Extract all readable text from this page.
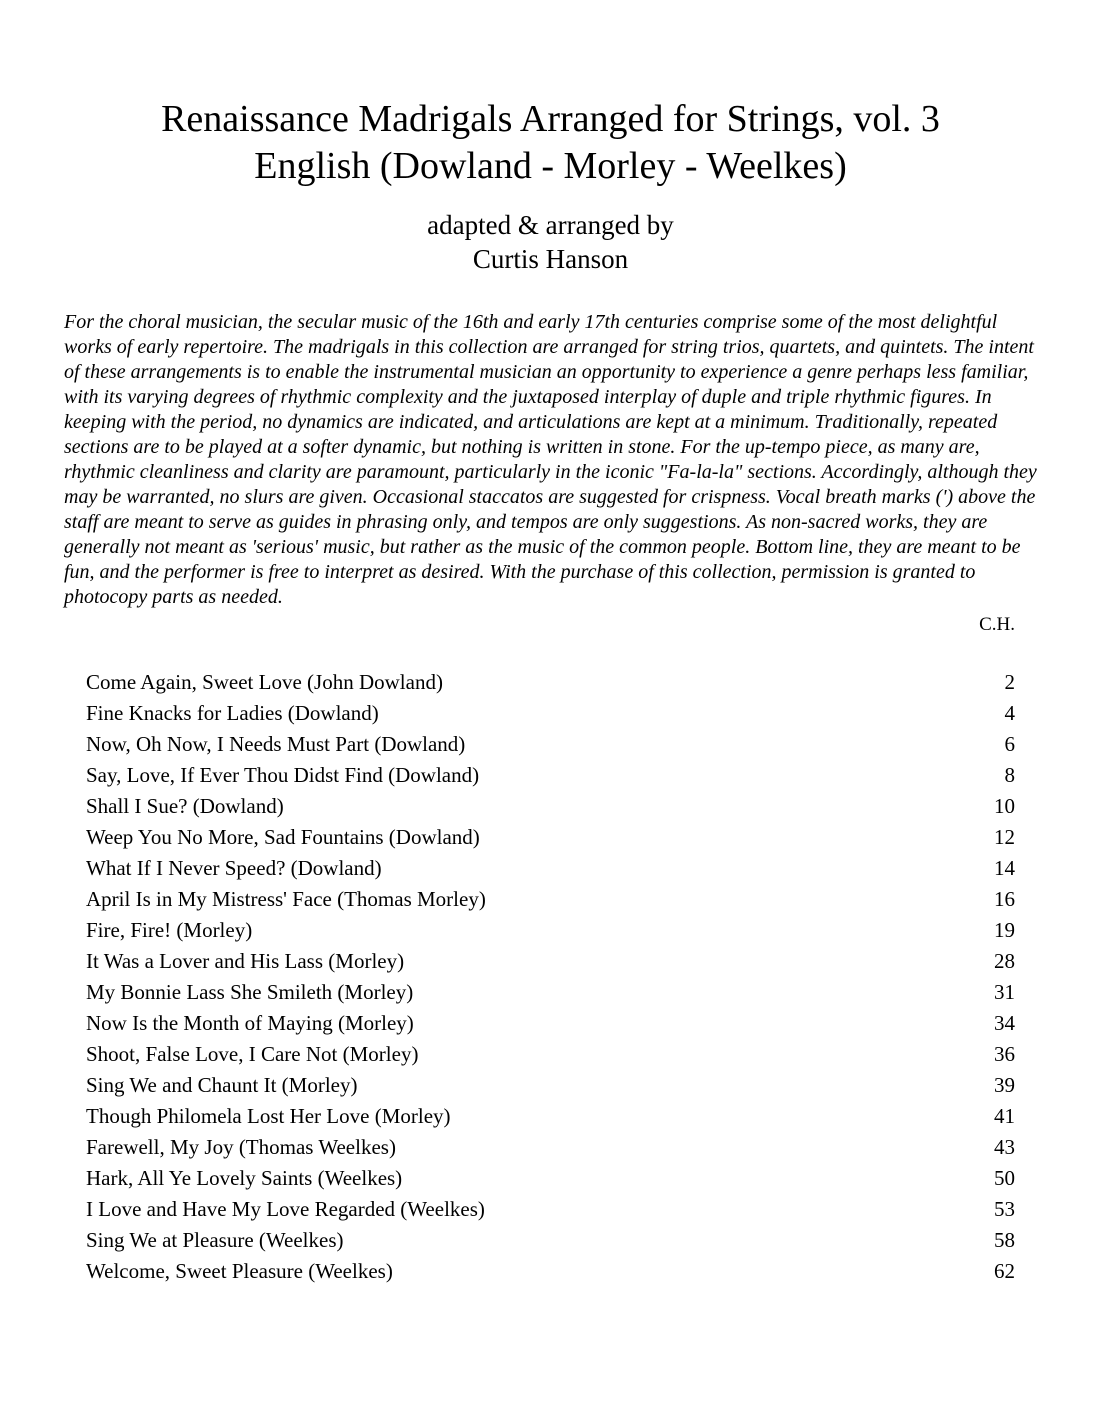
Renaissance Madrigals Arranged for Strings, vol. 3
English (Dowland - Morley - Weelkes)
adapted & arranged by
Curtis Hanson

For the choral musician, the secular music of the 16th and early 17th centuries comprise some of the most delightful works of early repertoire. The madrigals in this collection are arranged for string trios, quartets, and quintets. The intent of these arrangements is to enable the instrumental musician an opportunity to experience a genre perhaps less familiar, with its varying degrees of rhythmic complexity and the juxtaposed interplay of duple and triple rhythmic figures. In keeping with the period, no dynamics are indicated, and articulations are kept at a minimum. Traditionally, repeated sections are to be played at a softer dynamic, but nothing is written in stone. For the up-tempo piece, as many are, rhythmic cleanliness and clarity are paramount, particularly in the iconic "Fa-la-la" sections. Accordingly, although they may be warranted, no slurs are given. Occasional staccatos are suggested for crispness. Vocal breath marks (') above the staff are meant to serve as guides in phrasing only, and tempos are only suggestions. As non-sacred works, they are generally not meant as 'serious' music, but rather as the music of the common people. Bottom line, they are meant to be fun, and the performer is free to interpret as desired. With the purchase of this collection, permission is granted to photocopy parts as needed.

C.H.
Come Again, Sweet Love (John Dowland)	2
Fine Knacks for Ladies (Dowland)	4
Now, Oh Now, I Needs Must Part (Dowland)	6
Say, Love, If Ever Thou Didst Find (Dowland)	8
Shall I Sue? (Dowland)	10
Weep You No More, Sad Fountains (Dowland)	12
What If I Never Speed? (Dowland)	14
April Is in My Mistress' Face (Thomas Morley)	16
Fire, Fire! (Morley)	19
It Was a Lover and His Lass (Morley)	28
My Bonnie Lass She Smileth (Morley)	31
Now Is the Month of Maying (Morley)	34
Shoot, False Love, I Care Not (Morley)	36
Sing We and Chaunt It (Morley)	39
Though Philomela Lost Her Love (Morley)	41
Farewell, My Joy (Thomas Weelkes)	43
Hark, All Ye Lovely Saints (Weelkes)	50
I Love and Have My Love Regarded (Weelkes)	53
Sing We at Pleasure (Weelkes)	58
Welcome, Sweet Pleasure (Weelkes)	62
